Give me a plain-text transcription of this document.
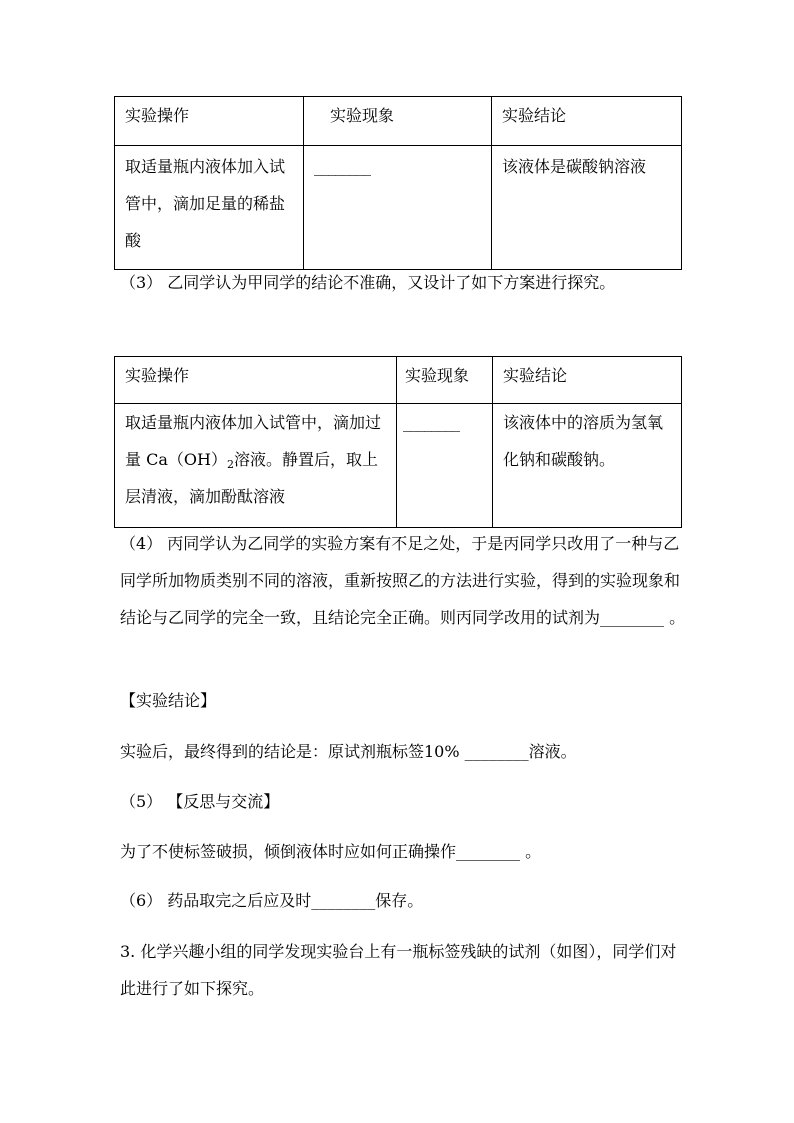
实验操作	实验现象	实验结论
取适量瓶内液体加入试管中，滴加足量的稀盐酸	________	该液体是碳酸钠溶液
（3） 乙同学认为甲同学的结论不准确，又设计了如下方案进行探究。
实验操作	实验现象	实验结论
取适量瓶内液体加入试管中，滴加过量 $Ca(OH)_2$溶液。静置后，取上层清液，滴加酚酞溶液	________	该液体中的溶质为氢氧化钠和碳酸钠。
（4） 丙同学认为乙同学的实验方案有不足之处，于是丙同学只改用了一种与乙同学所加物质类别不同的溶液，重新按照乙的方法进行实验，得到的实验现象和结论与乙同学的完全一致，且结论完全正确。则丙同学改用的试剂为________ 。
【实验结论】
实验后，最终得到的结论是：原试剂瓶标签10% ________溶液。
（5） 【反思与交流】
为了不使标签破损，倾倒液体时应如何正确操作________ 。
（6） 药品取完之后应及时________保存。
3. 化学兴趣小组的同学发现实验台上有一瓶标签残缺的试剂（如图），同学们对此进行了如下探究。
